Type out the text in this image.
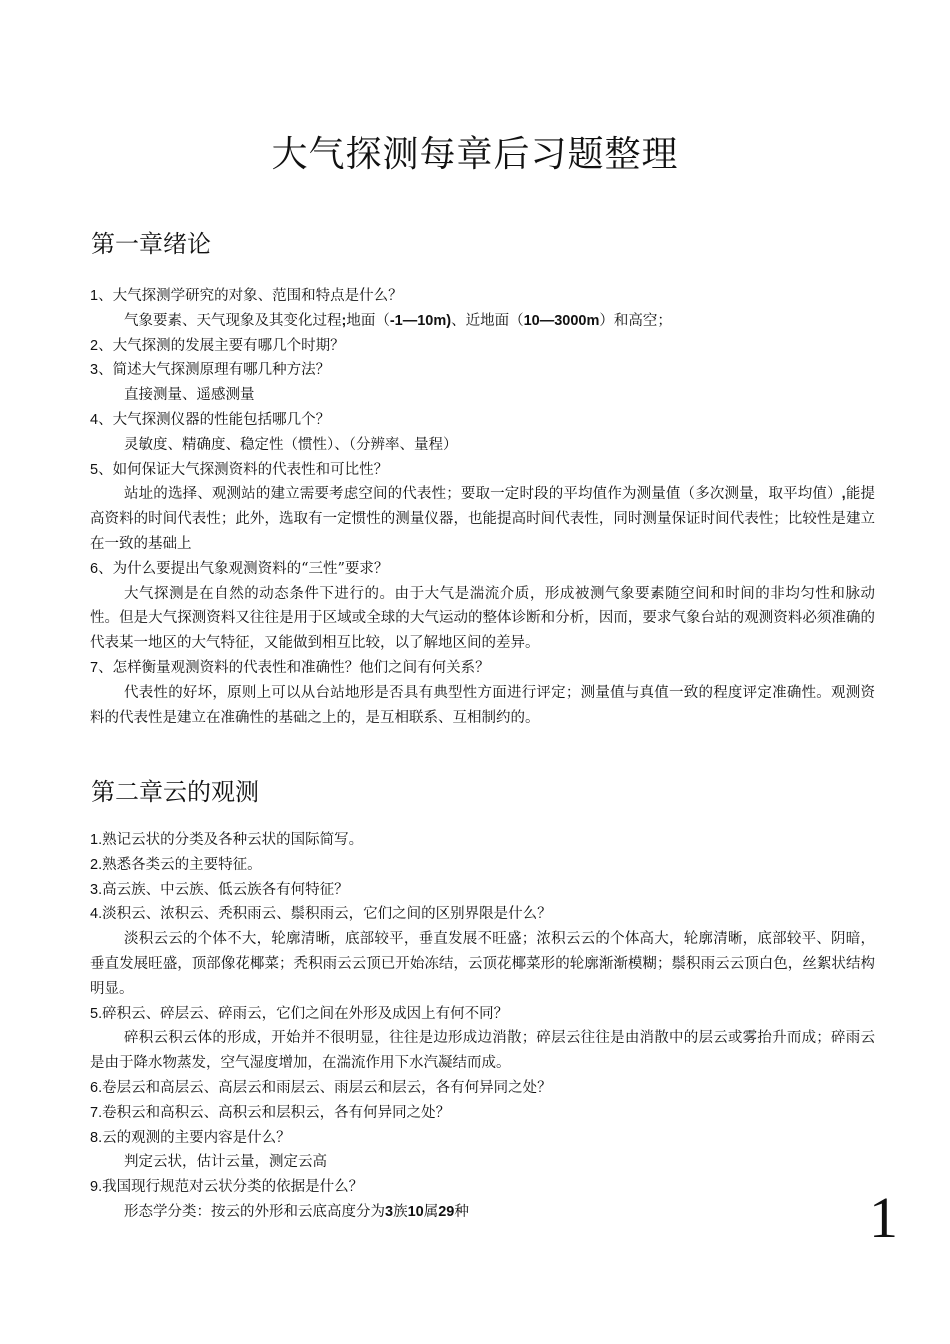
大气探测每章后习题整理
第一章绪论
1、大气探测学研究的对象、范围和特点是什么？
气象要素、天气现象及其变化过程;地面（-1—10m)、近地面（10—3000m）和高空；
2、大气探测的发展主要有哪几个时期？
3、简述大气探测原理有哪几种方法？
直接测量、遥感测量
4、大气探测仪器的性能包括哪几个？
灵敏度、精确度、稳定性（惯性）、（分辨率、量程）
5、如何保证大气探测资料的代表性和可比性？
站址的选择、观测站的建立需要考虑空间的代表性；要取一定时段的平均值作为测量值（多次测量，取平均值）,能提高资料的时间代表性；此外，选取有一定惯性的测量仪器，也能提高时间代表性，同时测量保证时间代表性；比较性是建立在一致的基础上
6、为什么要提出气象观测资料的“三性”要求？
大气探测是在自然的动态条件下进行的。由于大气是湍流介质，形成被测气象要素随空间和时间的非均匀性和脉动性。但是大气探测资料又往往是用于区域或全球的大气运动的整体诊断和分析，因而，要求气象台站的观测资料必须准确的代表某一地区的大气特征，又能做到相互比较，以了解地区间的差异。
7、怎样衡量观测资料的代表性和准确性？他们之间有何关系？
代表性的好坏，原则上可以从台站地形是否具有典型性方面进行评定；测量值与真值一致的程度评定准确性。观测资料的代表性是建立在准确性的基础之上的，是互相联系、互相制约的。
第二章云的观测
1.熟记云状的分类及各种云状的国际简写。
2.熟悉各类云的主要特征。
3.高云族、中云族、低云族各有何特征？
4.淡积云、浓积云、秃积雨云、鬃积雨云，它们之间的区别界限是什么？
淡积云云的个体不大，轮廓清晰，底部较平，垂直发展不旺盛；浓积云云的个体高大，轮廓清晰，底部较平、阴暗，垂直发展旺盛，顶部像花椰菜；秃积雨云云顶已开始冻结，云顶花椰菜形的轮廓渐渐模糊；鬃积雨云云顶白色，丝絮状结构明显。
5.碎积云、碎层云、碎雨云，它们之间在外形及成因上有何不同？
碎积云积云体的形成，开始并不很明显，往往是边形成边消散；碎层云往往是由消散中的层云或雾抬升而成；碎雨云是由于降水物蒸发，空气湿度增加，在湍流作用下水汽凝结而成。
6.卷层云和高层云、高层云和雨层云、雨层云和层云，各有何异同之处？
7.卷积云和高积云、高积云和层积云，各有何异同之处？
8.云的观测的主要内容是什么？
判定云状，估计云量，测定云高
9.我国现行规范对云状分类的依据是什么？
形态学分类：按云的外形和云底高度分为3族10属29种	1
